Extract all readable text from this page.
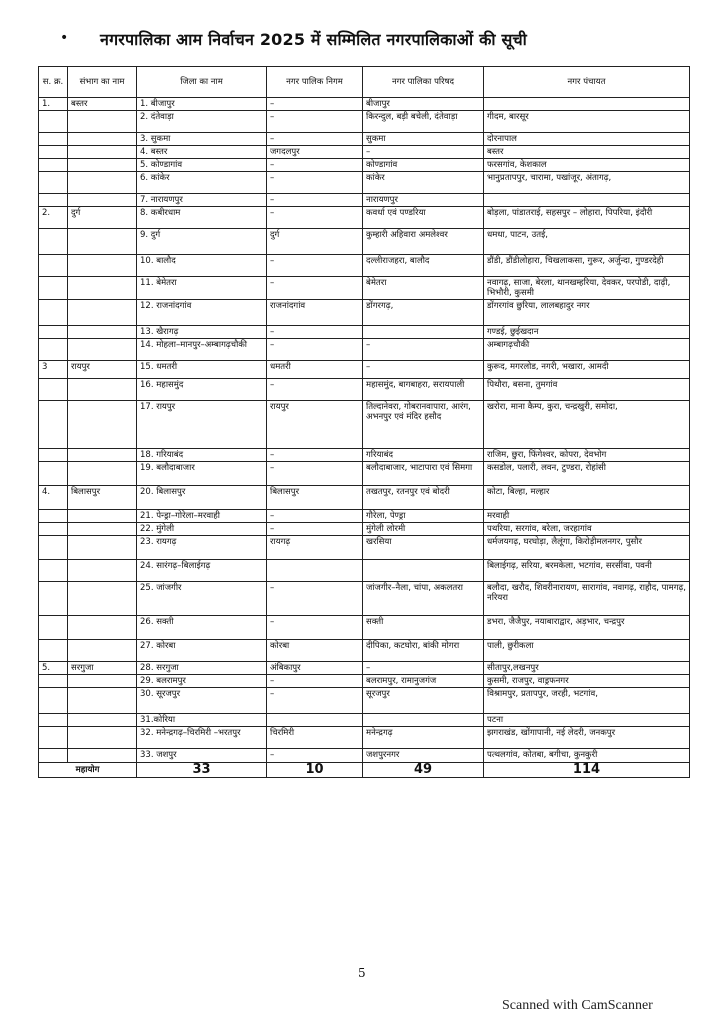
• नगरपालिका आम निर्वाचन 2025 में सम्मिलित नगरपालिकाओं की सूची
स. क्र.	संभाग का नाम	जिला का नाम	नगर पालिक निगम	नगर पालिका परिषद	नगर पंचायत
1.	बस्तर	1. बीजापुर	–	बीजापुर	
		2. दंतेवाड़ा	–	किरन्दुल, बड़ी बचेली, दंतेवाड़ा	गीदम, बारसूर
		3. सुकमा	–	सुकमा	दोरनापाल
		4. बस्तर	जगदलपुर	–	बस्तर
		5. कोण्डागांव	–	कोण्डागांव	फरसगांव, केशकाल
		6. कांकेर	–	कांकेर	भानुप्रतापपुर, चारामा, पखांजूर, अंतागढ़,
		7. नारायणपुर	–	नारायणपुर	
2.	दुर्ग	8. कबीरधाम	–	कवर्धा एवं पण्डरिया	बोड़ला, पांडातराई, सहसपुर – लोहारा, पिपरिया, इंदौरी
		9. दुर्ग	दुर्ग	कुम्हारी अहिवारा अमलेश्वर	धमधा, पाटन, उतई,
		10. बालौद	–	दल्लीराजहरा, बालौद	डौंडी, डौंडीलोहारा, चिखलाकसा, गुरूर, अर्जुन्दा, गुण्डरदेही
		11. बेमेतरा	–	बेमेतरा	नवागढ़, साजा, बेरला, थानखम्हरिया, देवकर, परपोडी, दाढ़ी, भिभौरी, कुसमी
		12. राजनांदगांव	राजनांदगांव	डोंगरगढ़,	डोंगरगांव छुरिया, लालबहादुर नगर
		13. खैरागढ़	–		गण्डई, छुईखदान
		14. मोहला–मानपुर–अम्बागढ़चौकी	–	–	अम्बागढ़चौकी
3	रायपुर	15. धमतरी	धमतरी	–	कुरूद, मगरलोड, नगरी, भखारा, आमदी
		16. महासमुंद	–	महासमुंद, बागबाहरा, सरायपाली	पिथौरा, बसना, तुमगांव
		17. रायपुर	रायपुर	तिल्दानेवरा, गोबरानवापारा, आरंग, अभनपुर एवं मंदिर हसौद	खरोरा, माना कैम्प, कुरा, चन्द्रखुरी, समोदा,
		18. गरियाबंद	–	गरियाबंद	राजिम, छुरा, फिंगेश्वर, कोपरा, देवभोग
		19. बलौदाबाजार	–	बलौदाबाजार, भाटापारा एवं सिमगा	कसडोल, पलारी, लवन, टुण्डरा, रोहांसी
4.	बिलासपुर	20. बिलासपुर	बिलासपुर	तखतपुर, रतनपुर एवं बोदरी	कोटा, बिल्हा, मल्हार
		21. पेन्ड्रा–गोरेला–मरवाही	–	गौरेला, पेण्ड्रा	मरवाही
		22. मुंगेली	–	मुंगेली लोरमी	पथरिया, सरगांव, बरेला, जरहागांव
		23. रायगढ़	रायगढ़	खरसिया	धर्मजयगढ़, घरघोड़ा, लैलूंगा, किरोड़ीमलनगर, पुसौर
		24. सारंगढ़–बिलाईगढ़			बिलाईगढ़, सरिया, बरमकेला, भटगांव, सरसींवा, पवनी
		25. जांजगीर	–	जांजगीर–नैला, चांपा, अकलतरा	बलौदा, खरौद, शिवरीनारायण, सारागांव, नवागढ़, राहौद, पामगढ़, नरियरा
		26. सक्ती	–	सक्ती	डभरा, जैजैपुर, नयाबाराद्वार, अड़भार, चन्द्रपुर
		27. कोरबा	कोरबा	दीपिका, कटघोरा, बांकी मोगरा	पाली, छुरीकला
5.	सरगुजा	28. सरगुजा	अंबिकापुर	–	सीतापुर,लखनपुर
		29. बलरामपुर	–	बलरामपुर, रामानुजगंज	कुसमी, राजपुर, वाड्रफनगर
		30. सूरजपुर	–	सूरजपुर	विश्रामपुर, प्रतापपुर, जरही, भटगांव,
		31.कोरिया			पटना
		32. मनेन्द्रगढ़–चिरमिरी –भरतपुर	चिरमिरी	मनेन्द्रगढ़	झगराखंड, खोंगापानी, नई लेदरी, जनकपुर
		33. जशपुर	–	जशपुरनगर	पत्थलगांव, कोतबा, बगीचा, कुनकुरी
महायोग		33	10	49	114
5
Scanned with CamScanner
